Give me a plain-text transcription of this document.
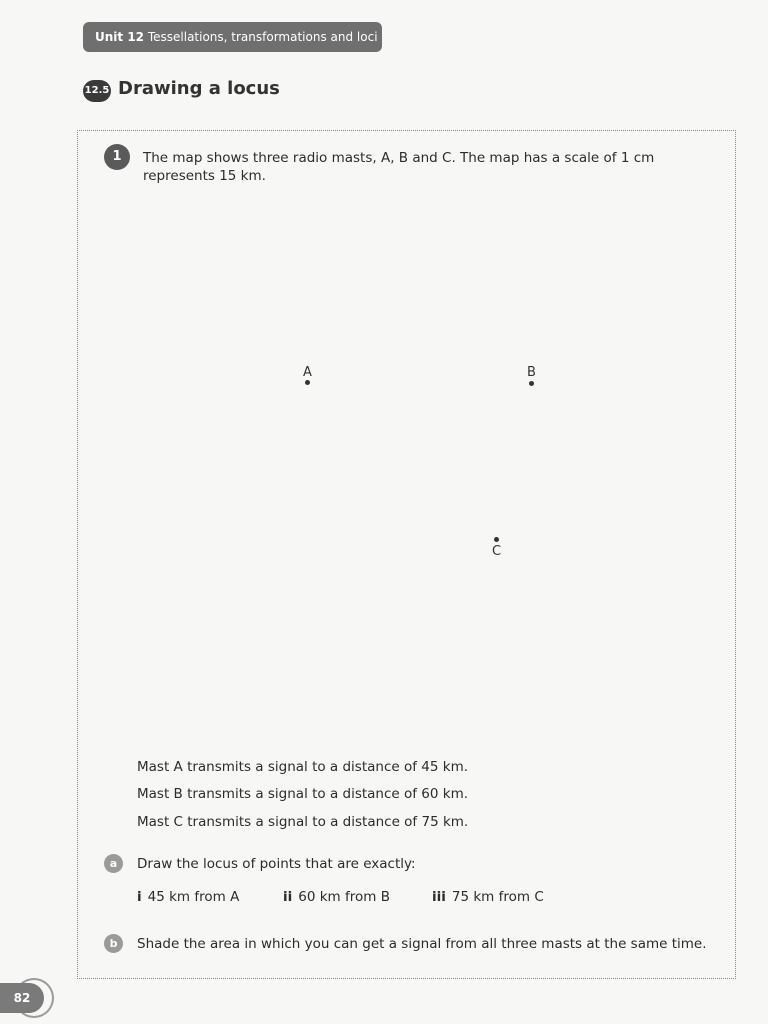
Unit 12 Tessellations, transformations and loci
12.5 Drawing a locus
1	The map shows three radio masts, A, B and C. The map has a scale of 1 cm represents 15 km.
A	B
C
Mast A transmits a signal to a distance of 45 km.
Mast B transmits a signal to a distance of 60 km.
Mast C transmits a signal to a distance of 75 km.
a	Draw the locus of points that are exactly:
i 45 km from A	ii 60 km from B	iii 75 km from C
b	Shade the area in which you can get a signal from all three masts at the same time.
82
